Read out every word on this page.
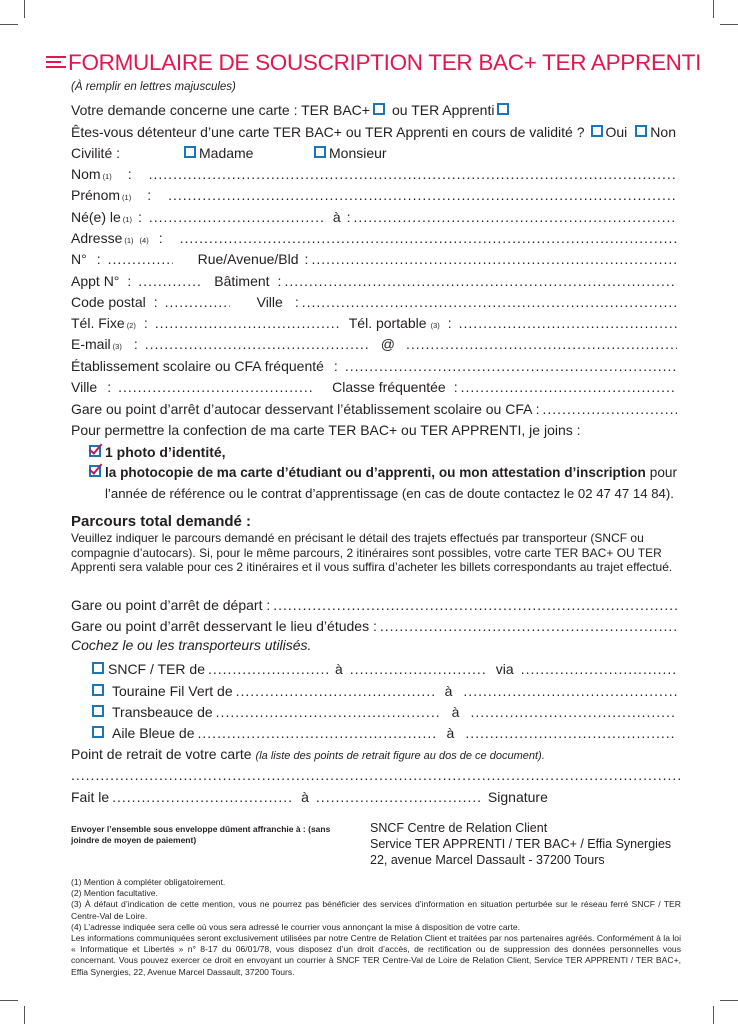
FORMULAIRE DE SOUSCRIPTION TER BAC+ TER APPRENTI
(À remplir en lettres majuscules)
Votre demande concerne une carte : TER BAC+ ou TER Apprenti
Êtes-vous détenteur d’une carte TER BAC+ ou TER Apprenti en cours de validité ? Oui Non
Civilité :	Madame	Monsieur
Nom $_{(1)}$ :
.....
Prénom $_{(1)}$ :
.....
Né(e) le $_{(1)}$ : .....	à :
.....
Adresse $_{(1)}$ (4) :
.....
N° : .....	Rue/Avenue/Bld :
.....
Appt N° : .....	Bâtiment :
.....
Code postal : .....	Ville :
.....
Tél. Fixe $_{(2)}$ : .....	Tél. portable $_{(3)}$ :
.....
E-mail $_{(3)}$ : .....	@
.....
Établissement scolaire ou CFA fréquenté :
.....
Ville : .....	Classe fréquentée :
.....
Gare ou point d’arrêt d’autocar desservant l’établissement scolaire ou CFA :
.....
Pour permettre la confection de ma carte TER BAC+ ou TER APPRENTI, je joins :
1 photo d’identité,
la photocopie de ma carte d’étudiant ou d’apprenti, ou mon attestation d’inscription pour
l’année de référence ou le contrat d’apprentissage (en cas de doute contactez le 02 47 47 14 84).
Parcours total demandé :
Veuillez indiquer le parcours demandé en précisant le détail des trajets effectués par transporteur (SNCF ou compagnie d’autocars). Si, pour le même parcours, 2 itinéraires sont possibles, votre carte TER BAC+ OU TER Apprenti sera valable pour ces 2 itinéraires et il vous suffira d’acheter les billets correspondants au trajet effectué.
Gare ou point d’arrêt de départ :
.....
Gare ou point d’arrêt desservant le lieu d’études :
.....
Cochez le ou les transporteurs utilisés.
SNCF / TER de .....	à .....	via
.....
Touraine Fil Vert de .....	à
.....
Transbeauce de .....	à
.....
Aile Bleue de .....	à
.....
Point de retrait de votre carte (la liste des points de retrait figure au dos de ce document).
.....
Fait le .....	à .....	Signature
Envoyer l’ensemble sous enveloppe dûment affranchie à : (sans joindre de moyen de paiement)
SNCF Centre de Relation Client
Service TER APPRENTI / TER BAC+ / Effia Synergies
22, avenue Marcel Dassault - 37200 Tours
(1) Mention à compléter obligatoirement.
(2) Mention facultative.
(3) À défaut d’indication de cette mention, vous ne pourrez pas bénéficier des services d’information en situation perturbée sur le réseau ferré SNCF / TER Centre-Val de Loire.
(4) L’adresse indiquée sera celle où vous sera adressé le courrier vous annonçant la mise à disposition de votre carte.
Les informations communiquées seront exclusivement utilisées par notre Centre de Relation Client et traitées par nos partenaires agréés. Conformément à la loi « Informatique et Libertés » n° 8-17 du 06/01/78, vous disposez d’un droit d’accès, de rectification ou de suppression des données personnelles vous concernant. Vous pouvez exercer ce droit en envoyant un courrier à SNCF TER Centre-Val de Loire de Relation Client, Service TER APPRENTI / TER BAC+, Effia Synergies, 22, Avenue Marcel Dassault, 37200 Tours.
